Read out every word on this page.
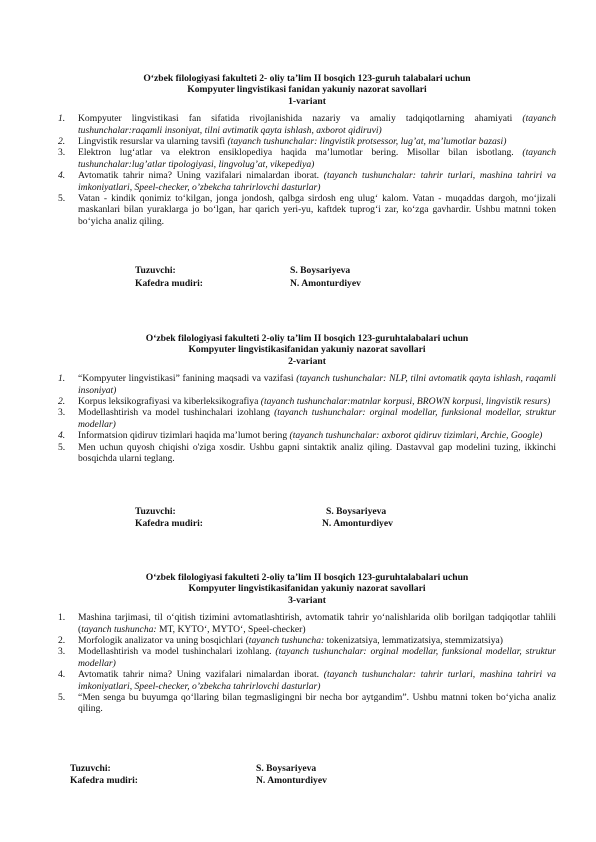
O‘zbek filologiyasi fakulteti 2- oliy ta’lim II bosqich 123-guruh talabalari uchun
Kompyuter lingvistikasi fanidan yakuniy nazorat savollari
1-variant
1. Kompyuter lingvistikasi fan sifatida rivojlanishida nazariy va amaliy tadqiqotlarning ahamiyati (tayanch tushunchalar:raqamli insoniyat, tilni avtimatik qayta ishlash, axborot qidiruvi)
2. Lingvistik resurslar va ularning tavsifi (tayanch tushunchalar: lingvistik protsessor, lug’at, ma’lumotlar bazasi)
3. Elektron lug‘atlar va elektron ensiklopediya haqida ma’lumotlar bering. Misollar bilan isbotlang. (tayanch tushunchalar:lug’atlar tipologiyasi, lingvolug’at, vikepediya)
4. Avtomatik tahrir nima? Uning vazifalari nimalardan iborat. (tayanch tushunchalar: tahrir turlari, mashina tahriri va imkoniyatlari, Speel-checker, o’zbekcha tahrirlovchi dasturlar)
5. Vatan - kindik qonimiz to‘kilgan, jonga jondosh, qalbga sirdosh eng ulug‘ kalom. Vatan - muqaddas dargoh, mo‘jizali maskanlari bilan yuraklarga jo bo‘lgan, har qarich yeri-yu, kaftdek tuprog‘i zar, ko‘zga gavhardir. Ushbu matnni token bo‘yicha analiz qiling.
Tuzuvchi:	S. Boysariyeva
Kafedra mudiri:	N. Amonturdiyev
O‘zbek filologiyasi fakulteti 2-oliy ta’lim II bosqich 123-guruhtalabalari uchun
Kompyuter lingvistikasifanidan yakuniy nazorat savollari
2-variant
1. “Kompyuter lingvistikasi” fanining maqsadi va vazifasi (tayanch tushunchalar: NLP, tilni avtomatik qayta ishlash, raqamli insoniyat)
2. Korpus leksikografiyasi va kiberleksikografiya (tayanch tushunchalar:matnlar korpusi, BROWN korpusi, lingvistik resurs)
3. Modellashtirish va model tushinchalari izohlang (tayanch tushunchalar: orginal modellar, funksional modellar, struktur modellar)
4. Informatsion qidiruv tizimlari haqida ma’lumot bering (tayanch tushunchalar: axborot qidiruv tizimlari, Archie, Google)
5. Men uchun quyosh chiqishi o'ziga xosdir. Ushbu gapni sintaktik analiz qiling. Dastavval gap modelini tuzing, ikkinchi bosqichda ularni teglang.
Tuzuvchi:	S. Boysariyeva
Kafedra mudiri:	N. Amonturdiyev
O‘zbek filologiyasi fakulteti 2-oliy ta’lim II bosqich 123-guruhtalabalari uchun
Kompyuter lingvistikasifanidan yakuniy nazorat savollari
3-variant
1. Mashina tarjimasi, til o‘qitish tizimini avtomatlashtirish, avtomatik tahrir yo‘nalishlarida olib borilgan tadqiqotlar tahlili (tayanch tushuncha: MT, KYTO‘, MYTO‘, Speel-checker)
2. Morfologik analizator va uning bosqichlari (tayanch tushuncha: tokenizatsiya, lemmatizatsiya, stemmizatsiya)
3. Modellashtirish va model tushinchalari izohlang. (tayanch tushunchalar: orginal modellar, funksional modellar, struktur modellar)
4. Avtomatik tahrir nima? Uning vazifalari nimalardan iborat. (tayanch tushunchalar: tahrir turlari, mashina tahriri va imkoniyatlari, Speel-checker, o’zbekcha tahrirlovchi dasturlar)
5. “Men senga bu buyumga qo‘llaring bilan tegmasligingni bir necha bor aytgandim”. Ushbu matnni token bo‘yicha analiz qiling.
Tuzuvchi:	S. Boysariyeva
Kafedra mudiri:	N. Amonturdiyev
